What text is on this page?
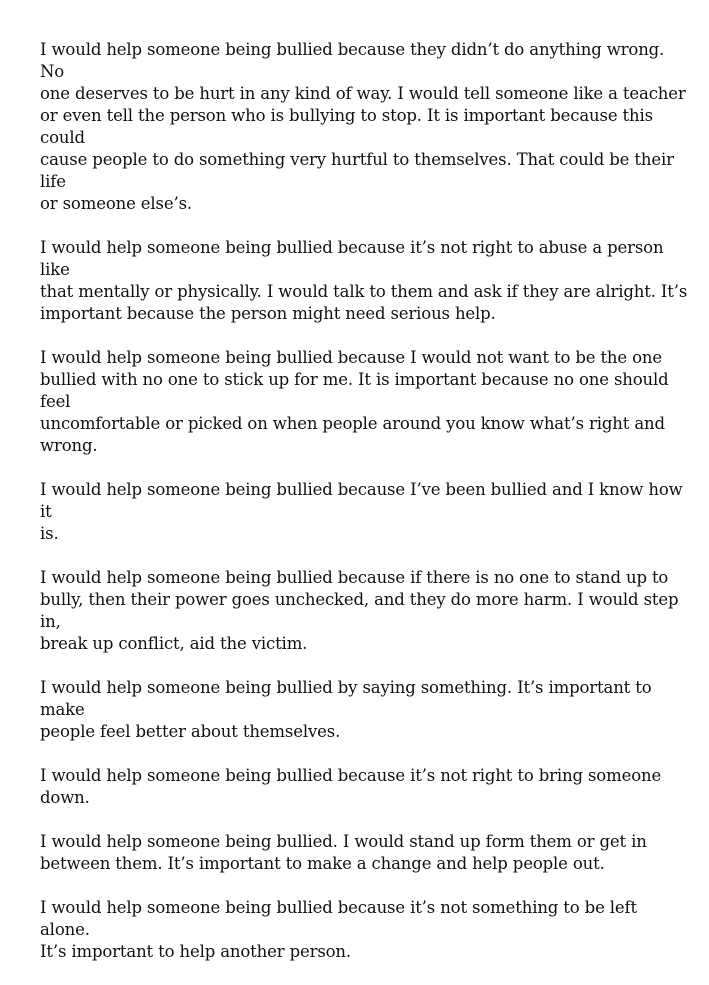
I would help someone being bullied because they didn’t do anything wrong. No
one deserves to be hurt in any kind of way. I would tell someone like a teacher
or even tell the person who is bullying to stop. It is important because this could
cause people to do something very hurtful to themselves. That could be their life
or someone else’s.

I would help someone being bullied because it’s not right to abuse a person like
that mentally or physically. I would talk to them and ask if they are alright. It’s
important because the person might need serious help.

I would help someone being bullied because I would not want to be the one
bullied with no one to stick up for me. It is important because no one should feel
uncomfortable or picked on when people around you know what’s right and
wrong.

I would help someone being bullied because I’ve been bullied and I know how it
is.

I would help someone being bullied because if there is no one to stand up to
bully, then their power goes unchecked, and they do more harm. I would step in,
break up conflict, aid the victim.

I would help someone being bullied by saying something. It’s important to make
people feel better about themselves.

I would help someone being bullied because it’s not right to bring someone
down.

I would help someone being bullied. I would stand up form them or get in
between them. It’s important to make a change and help people out.

I would help someone being bullied because it’s not something to be left alone.
It’s important to help another person.
